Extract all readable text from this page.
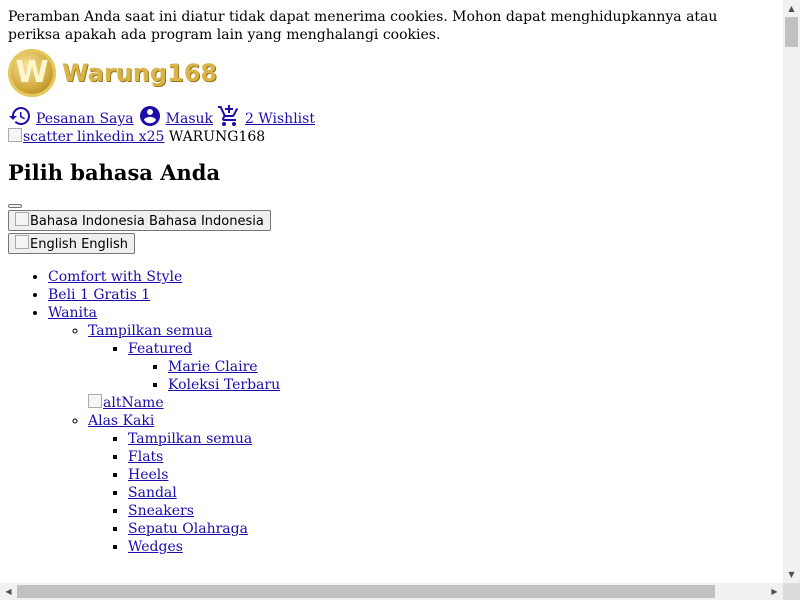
Peramban Anda saat ini diatur tidak dapat menerima cookies. Mohon dapat menghidupkannya atau periksa apakah ada program lain yang menghalangi cookies.
W Warung168
Pesanan Saya Masuk 2 Wishlist
scatter linkedin x25 WARUNG168
Pilih bahasa Anda
Bahasa Indonesia Bahasa Indonesia
English English
• Comfort with Style
• Beli 1 Gratis 1
• Wanita
◦ Tampilkan semua
▪ Featured
▪ Marie Claire
▪ Koleksi Terbaru
altName
◦ Alas Kaki
▪ Tampilkan semua
▪ Flats
▪ Heels
▪ Sandal
▪ Sneakers
▪ Sepatu Olahraga
▪ Wedges
▲
▼
◀	▶
